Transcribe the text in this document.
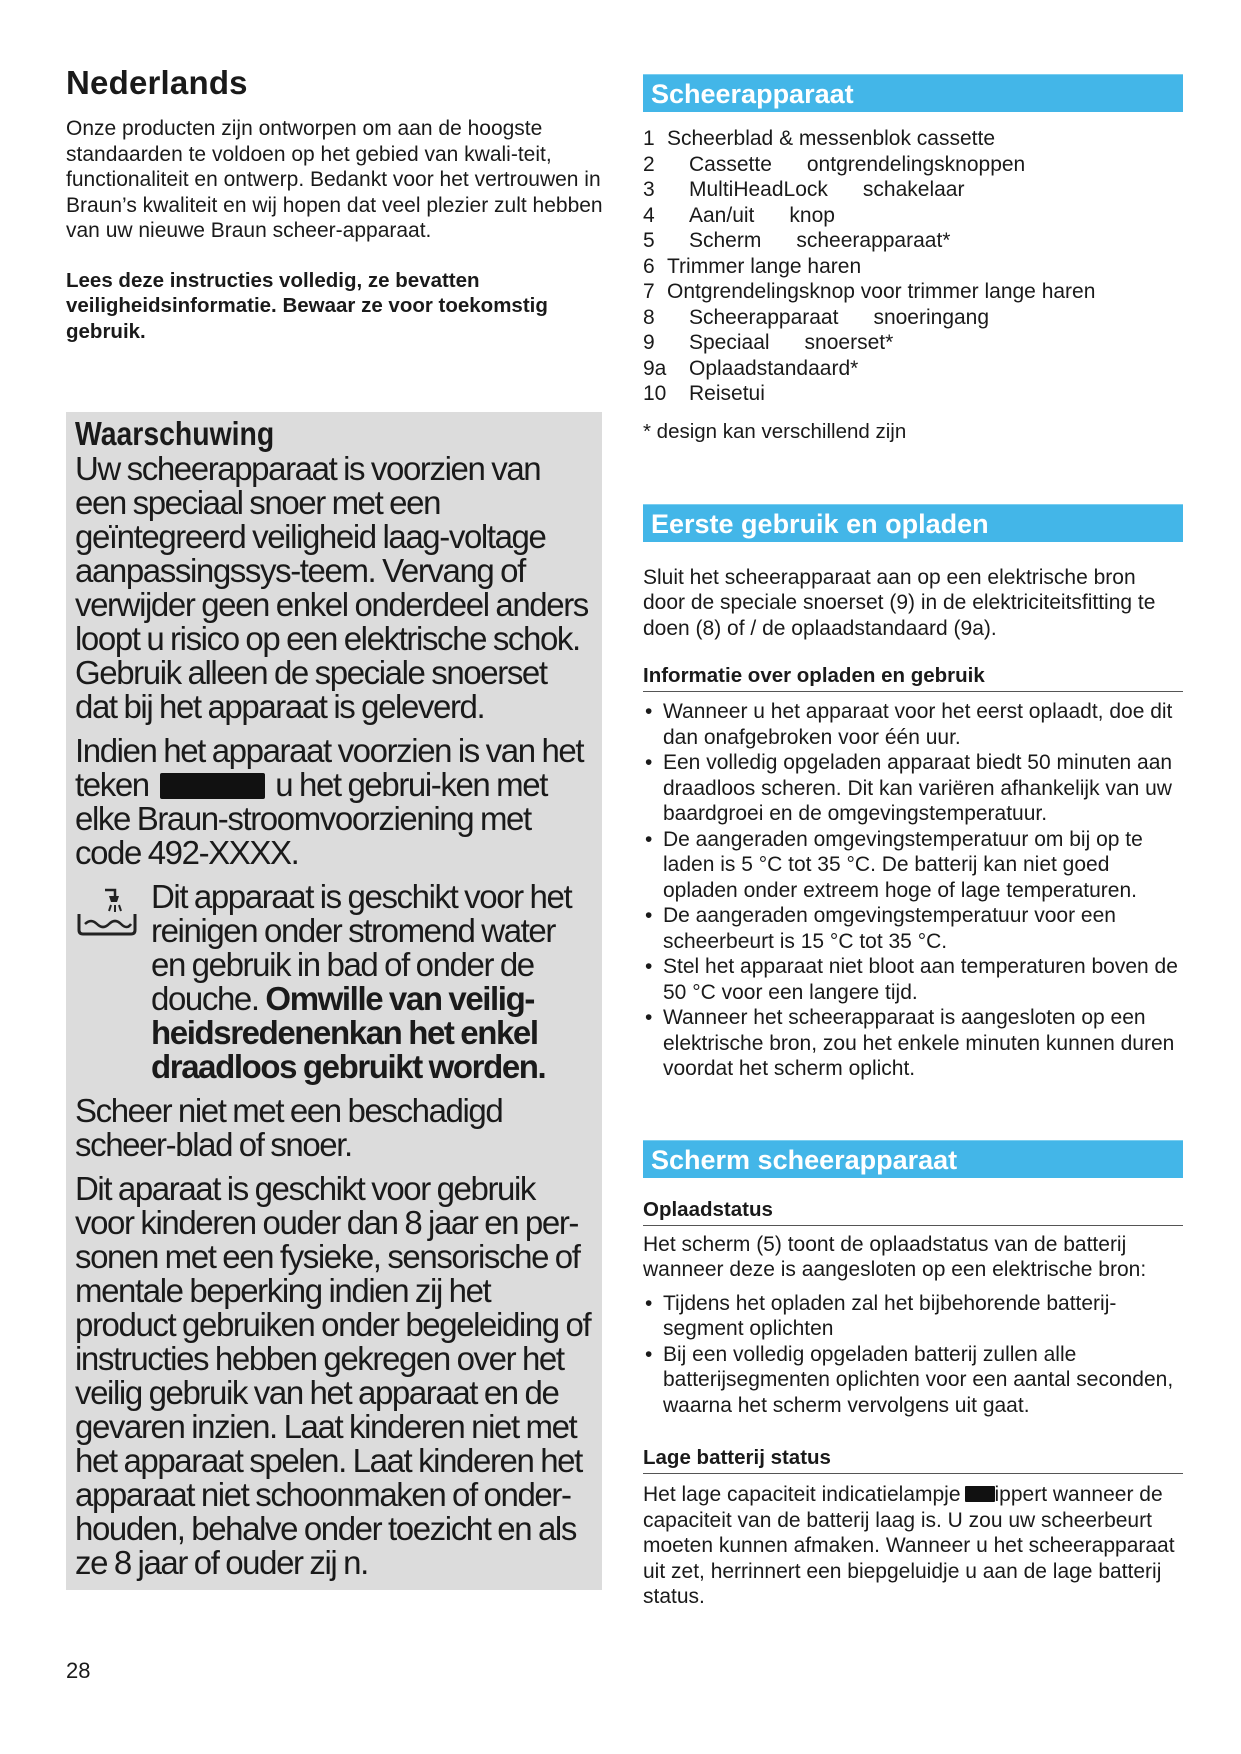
Nederlands

Onze producten zijn ontworpen om aan de hoogste standaarden te voldoen op het gebied van kwali-teit, functionaliteit en ontwerp. Bedankt voor het vertrouwen in Braun’s kwaliteit en wij hopen dat veel plezier zult hebben van uw nieuwe Braun scheer-apparaat.

Lees deze instructies volledig, ze bevatten veiligheidsinformatie. Bewaar ze voor toekomstig gebruik.

Waarschuwing

Uw scheerapparaat is voorzien van een speciaal snoer met een geïntegreerd veiligheid laag-voltage aanpassingssys-teem. Vervang of verwijder geen enkel onderdeel anders loopt u risico op een elektrische schok. Gebruik alleen de speciale snoerset dat bij het apparaat is geleverd.

Indien het apparaat voorzien is van het teken	u het gebrui-ken met elke Braun-stroomvoorziening met code 492-XXXX.

Dit apparaat is geschikt voor het reinigen onder stromend water en gebruik in bad of onder de douche. Omwille van veilig-heidsredenenkan het enkel draadloos gebruikt worden.

Scheer niet met een beschadigd scheer-blad of snoer.

Dit aparaat is geschikt voor gebruik voor kinderen ouder dan 8 jaar en per-sonen met een fysieke, sensorische of mentale beperking indien zij het product gebruiken onder begeleiding of instructies hebben gekregen over het veilig gebruik van het apparaat en de gevaren inzien. Laat kinderen niet met het apparaat spelen. Laat kinderen het apparaat niet schoonmaken of onder-houden, behalve onder toezicht en als ze 8 jaar of ouder zij n.

Scheerapparaat
1 Scheerblad & messenblok cassette
2	Cassette      ontgrendelingsknoppen
3	MultiHeadLock      schakelaar
4	Aan/uit      knop
5	Scherm      scheerapparaat*
6 Trimmer lange haren
7 Ontgrendelingsknop voor trimmer lange haren
8	Scheerapparaat      snoeringang
9	Speciaal      snoerset*
9a	Oplaadstandaard*
10	Reisetui
* design kan verschillend zijn
Eerste gebruik en opladen

Sluit het scheerapparaat aan op een elektrische bron door de speciale snoerset (9) in de elektriciteitsfitting te doen (8) of / de oplaadstandaard (9a).

Informatie over opladen en gebruik
• Wanneer u het apparaat voor het eerst oplaadt, doe dit dan onafgebroken voor één uur.
• Een volledig opgeladen apparaat biedt 50 minuten aan draadloos scheren. Dit kan variëren afhankelijk van uw baardgroei en de omgevingstemperatuur.
• De aangeraden omgevingstemperatuur om bij op te laden is 5 °C tot 35 °C. De batterij kan niet goed opladen onder extreem hoge of lage temperaturen.
• De aangeraden omgevingstemperatuur voor een scheerbeurt is 15 °C tot 35 °C.
• Stel het apparaat niet bloot aan temperaturen boven de 50 °C voor een langere tijd.
• Wanneer het scheerapparaat is aangesloten op een elektrische bron, zou het enkele minuten kunnen duren voordat het scherm oplicht.
Scherm scheerapparaat
Oplaadstatus

Het scherm (5) toont de oplaadstatus van de batterij wanneer deze is aangesloten op een elektrische bron:

• Tijdens het opladen zal het bijbehorende batterij-segment oplichten
• Bij een volledig opgeladen batterij zullen alle batterijsegmenten oplichten voor een aantal seconden, waarna het scherm vervolgens uit gaat.
Lage batterij status

Het lage capaciteit indicatielampje ippert wanneer de capaciteit van de batterij laag is. U zou uw scheerbeurt moeten kunnen afmaken. Wanneer u het scheerapparaat uit zet, herrinnert een biepgeluidje u aan de lage batterij status.

28
